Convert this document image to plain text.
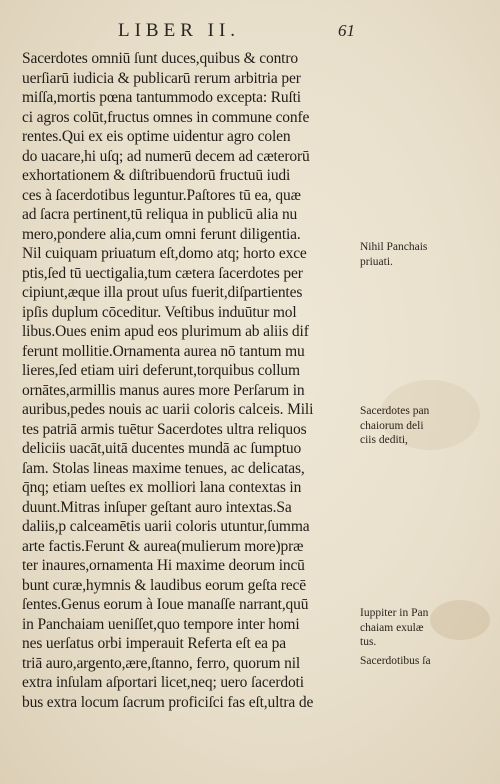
LIBER II.	61
Sacerdotes omniū ſunt duces,quibus & contro
uerſiarū iudicia & publicarū rerum arbitria per
miſſa,mortis pœna tantummodo excepta: Ruſti
ci agros colūt,fructus omnes in commune confe
rentes.Qui ex eis optime uidentur agro colen
do uacare,hi uſq; ad numerū decem ad cæterorū
exhortationem & diſtribuendorū fructuū iudi
ces à ſacerdotibus leguntur.Paſtores tū ea, quæ
ad ſacra pertinent,tū reliqua in publicū alia nu
mero,pondere alia,cum omni ferunt diligentia.
Nil cuiquam priuatum eſt,domo atq; horto exce
ptis,ſed tū uectigalia,tum cætera ſacerdotes per
cipiunt,æque illa prout uſus fuerit,diſpartientes
ipſis duplum cōceditur. Veſtibus induūtur mol
libus.Oues enim apud eos plurimum ab aliis dif
ferunt mollitie.Ornamenta aurea nō tantum mu
lieres,ſed etiam uiri deferunt,torquibus collum
ornātes,armillis manus aures more Perſarum in
auribus,pedes nouis ac uarii coloris calceis. Mili
tes patriā armis tuētur Sacerdotes ultra reliquos
deliciis uacāt,uitā ducentes mundā ac ſumptuo
ſam. Stolas lineas maxime tenues, ac delicatas,
q̄nq; etiam ueſtes ex molliori lana contextas in
duunt.Mitras inſuper geſtant auro intextas.Sa
daliis,p calceamētis uarii coloris utuntur,ſumma
arte factis.Ferunt & aurea(mulierum more)præ
ter inaures,ornamenta Hi maxime deorum incū
bunt curæ,hymnis & laudibus eorum geſta recē
ſentes.Genus eorum à Ioue manaſſe narrant,quū
in Panchaiam ueniſſet,quo tempore inter homi
nes uerſatus orbi imperauit Referta eſt ea pa
triā auro,argento,ære,ſtanno, ferro, quorum nil
extra inſulam aſportari licet,neq; uero ſacerdoti
bus extra locum ſacrum proficiſci fas eſt,ultra de
Nihil Panchais
priuati.
Sacerdotes pan
chaiorum deli
ciis dediti,
Iuppiter in Pan
chaiam exulæ
tus.
Sacerdotibus ſa
